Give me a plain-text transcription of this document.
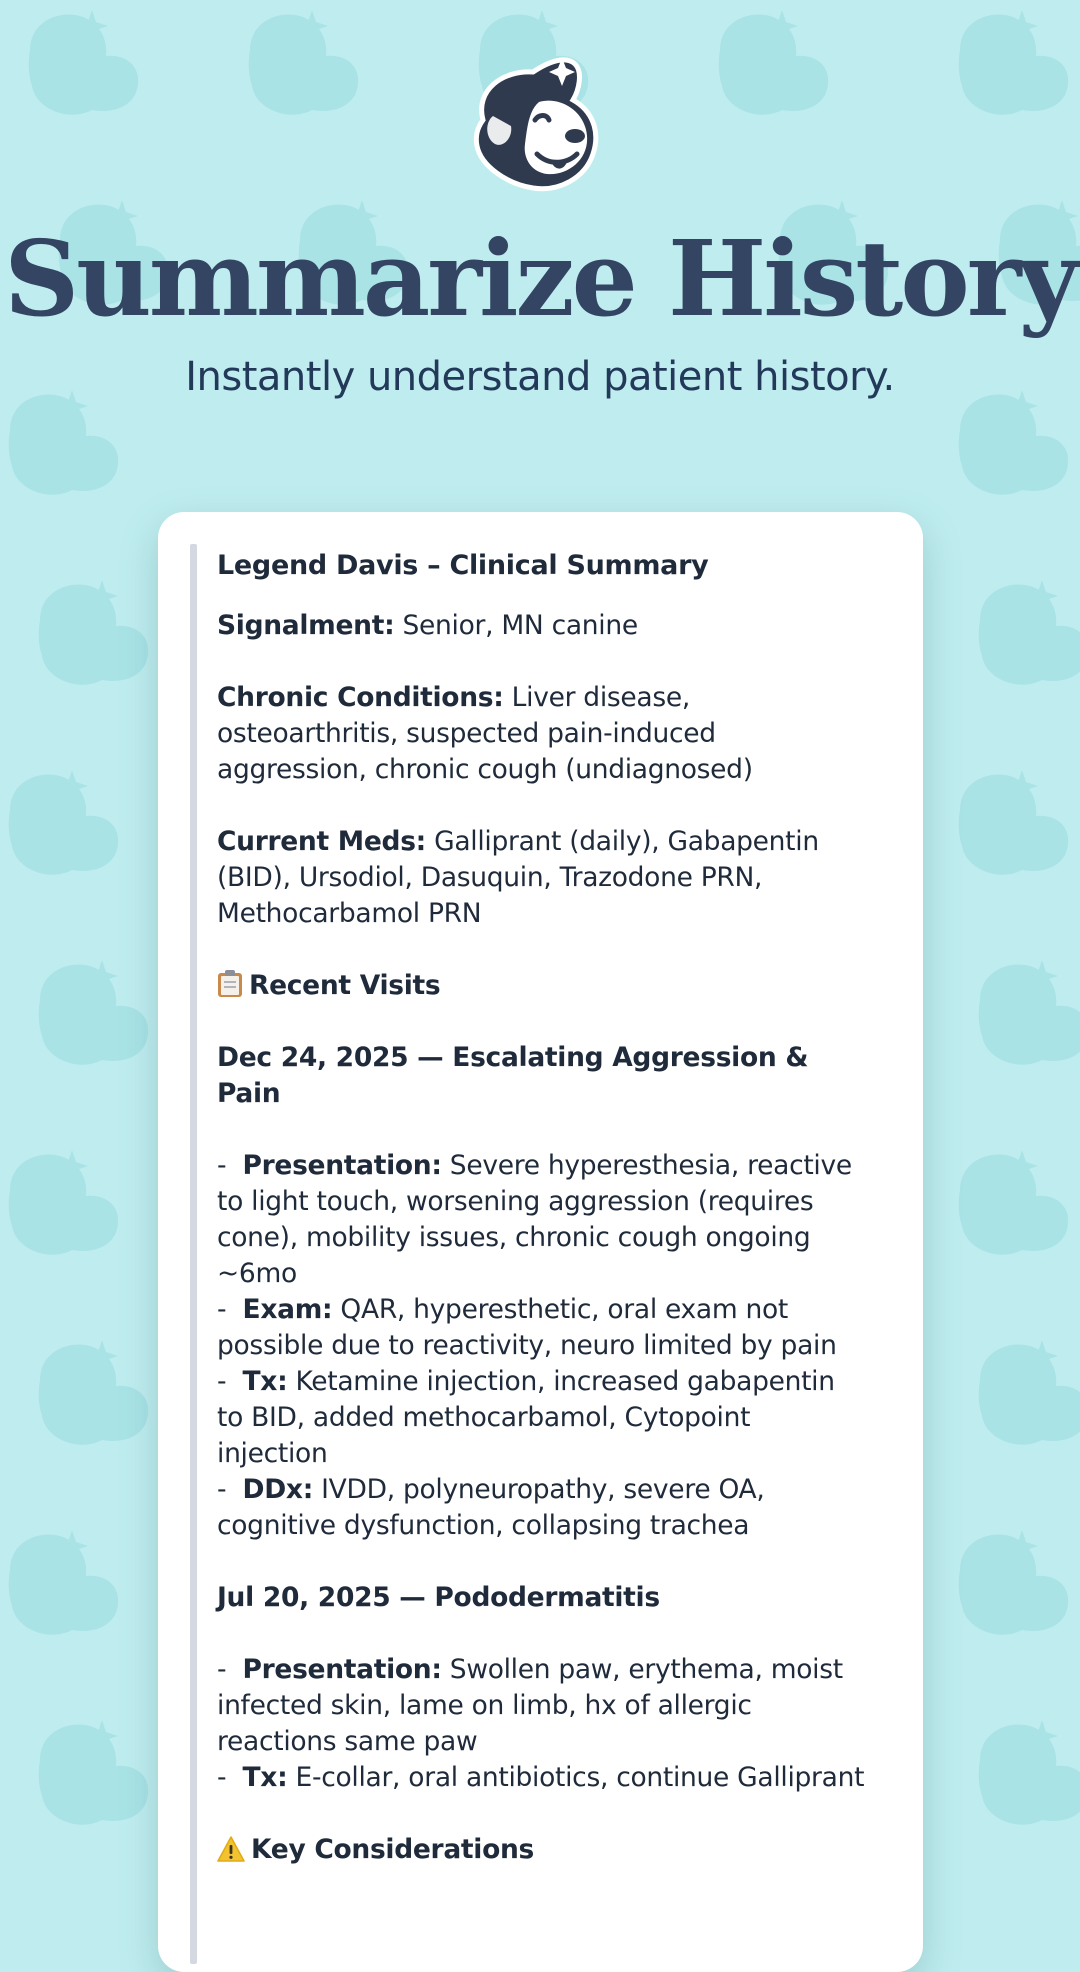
Summarize History

Instantly understand patient history.

Legend Davis – Clinical Summary

Signalment: Senior, MN canine

Chronic Conditions: Liver disease, osteoarthritis, suspected pain-induced aggression, chronic cough (undiagnosed)

Current Meds: Galliprant (daily), Gabapentin (BID), Ursodiol, Dasuquin, Trazodone PRN, Methocarbamol PRN

Recent Visits

Dec 24, 2025 — Escalating Aggression & Pain

- Presentation: Severe hyperesthesia, reactive to light touch, worsening aggression (requires cone), mobility issues, chronic cough ongoing ~6mo

- Exam: QAR, hyperesthetic, oral exam not possible due to reactivity, neuro limited by pain

- Tx: Ketamine injection, increased gabapentin to BID, added methocarbamol, Cytopoint injection

- DDx: IVDD, polyneuropathy, severe OA, cognitive dysfunction, collapsing trachea

Jul 20, 2025 — Pododermatitis

- Presentation: Swollen paw, erythema, moist infected skin, lame on limb, hx of allergic reactions same paw

- Tx: E-collar, oral antibiotics, continue Galliprant

Key Considerations
